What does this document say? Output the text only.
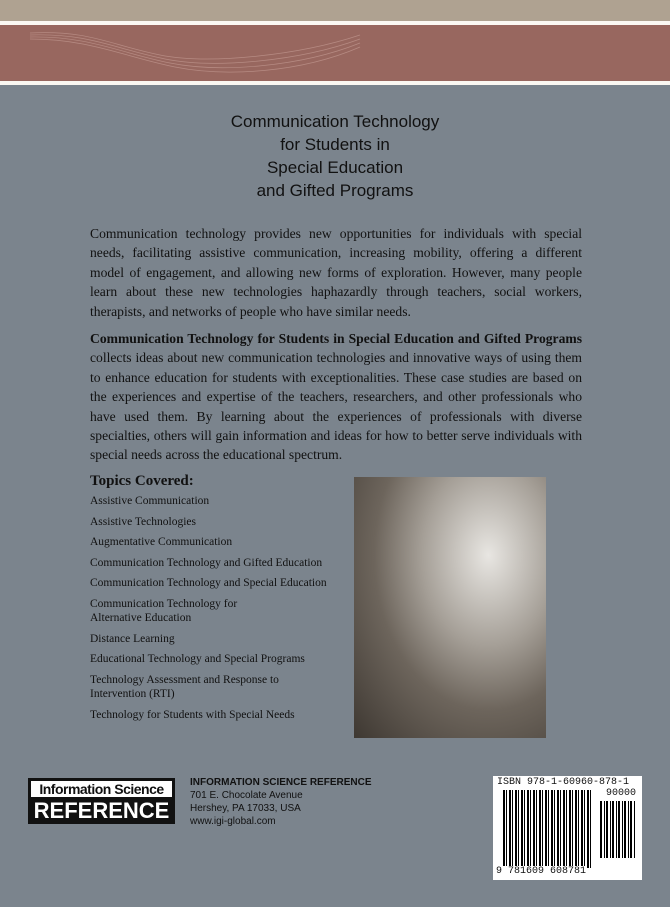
Communication Technology
for Students in
Special Education
and Gifted Programs
Communication technology provides new opportunities for individuals with special needs, facilitating assistive communication, increasing mobility, offering a different model of engagement, and allowing new forms of exploration. However, many people learn about these new technologies haphazardly through teachers, social workers, therapists, and networks of people who have similar needs.
Communication Technology for Students in Special Education and Gifted Programs collects ideas about new communication technologies and innovative ways of using them to enhance education for students with exceptionalities. These case studies are based on the experiences and expertise of the teachers, researchers, and other professionals who have used them. By learning about the experiences of professionals with diverse specialties, others will gain information and ideas for how to better serve individuals with special needs across the educational spectrum.
Topics Covered:
Assistive Communication
Assistive Technologies
Augmentative Communication
Communication Technology and Gifted Education
Communication Technology and Special Education
Communication Technology for Alternative Education
Distance Learning
Educational Technology and Special Programs
Technology Assessment and Response to Intervention (RTI)
Technology for Students with Special Needs
Information Science
REFERENCE
INFORMATION SCIENCE REFERENCE
701 E. Chocolate Avenue
Hershey, PA 17033, USA
www.igi-global.com
ISBN 978-1-60960-878-1
90000
9 781609 608781
